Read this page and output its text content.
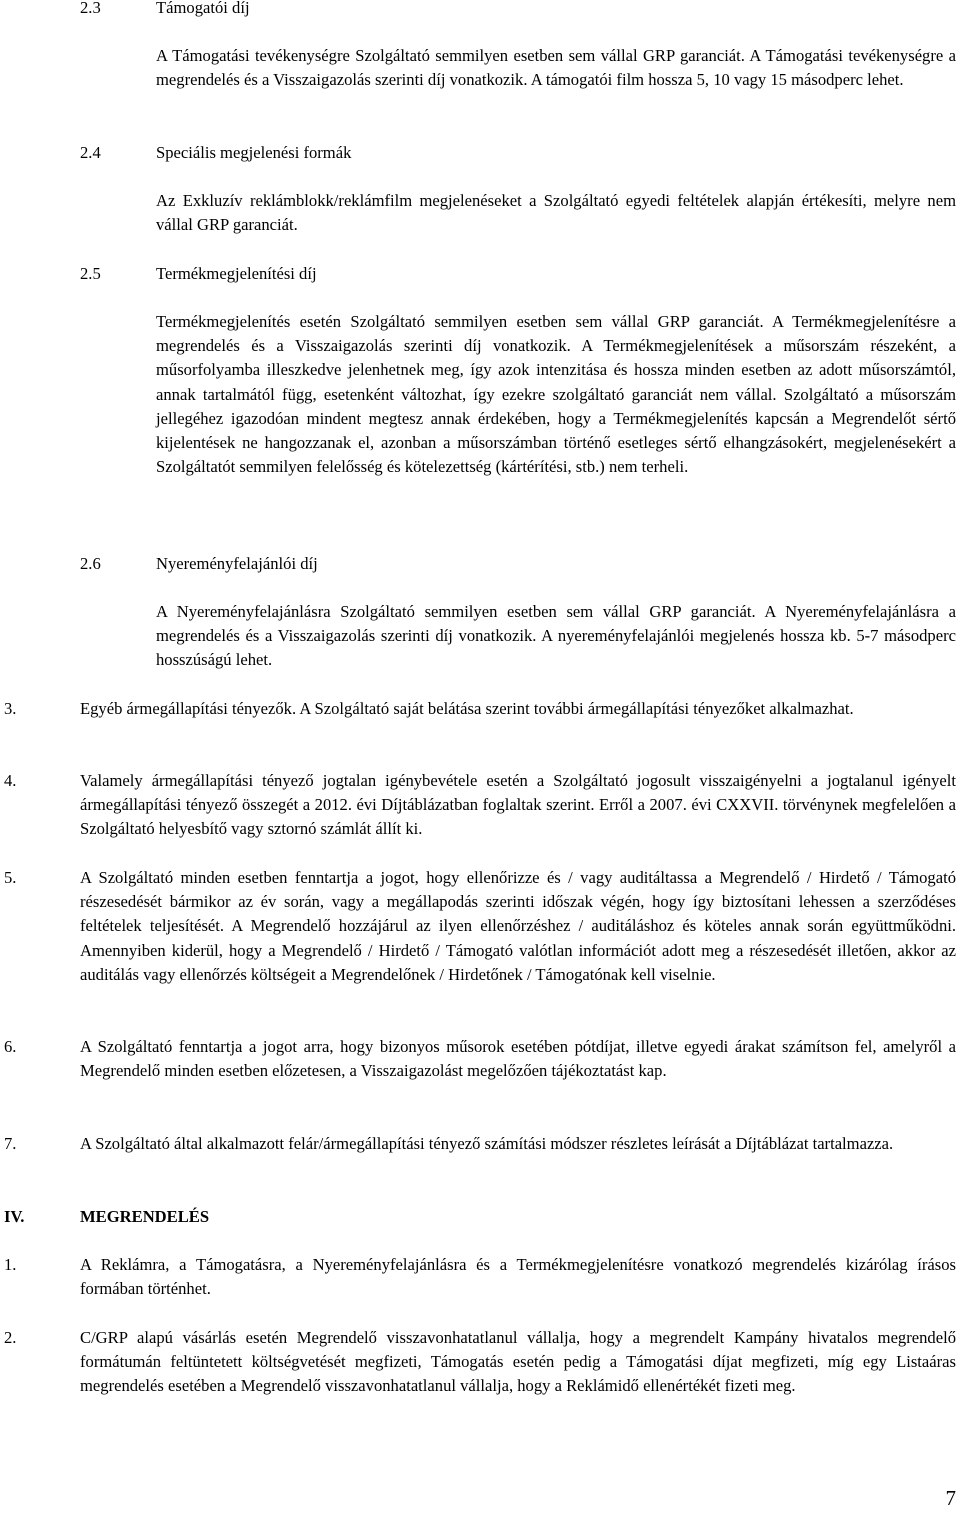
2.3	Támogatói díj

A Támogatási tevékenységre Szolgáltató semmilyen esetben sem vállal GRP garanciát. A Támogatási tevékenységre a megrendelés és a Visszaigazolás szerinti díj vonatkozik. A támogatói film hossza 5, 10 vagy 15 másodperc lehet.

2.4	Speciális megjelenési formák

Az Exkluzív reklámblokk/reklámfilm megjelenéseket a Szolgáltató egyedi feltételek alapján értékesíti, melyre nem vállal GRP garanciát.

2.5	Termékmegjelenítési díj

Termékmegjelenítés esetén Szolgáltató semmilyen esetben sem vállal GRP garanciát. A Termékmegjelenítésre a megrendelés és a Visszaigazolás szerinti díj vonatkozik. A Termékmegjelenítések a műsorszám részeként, a műsorfolyamba illeszkedve jelenhetnek meg, így azok intenzitása és hossza minden esetben az adott műsorszámtól, annak tartalmától függ, esetenként változhat, így ezekre szolgáltató garanciát nem vállal. Szolgáltató a műsorszám jellegéhez igazodóan mindent megtesz annak érdekében, hogy a Termékmegjelenítés kapcsán a Megrendelőt sértő kijelentések ne hangozzanak el, azonban a műsorszámban történő esetleges sértő elhangzásokért, megjelenésekért a Szolgáltatót semmilyen felelősség és kötelezettség (kártérítési, stb.) nem terheli.

2.6	Nyereményfelajánlói díj

A Nyereményfelajánlásra Szolgáltató semmilyen esetben sem vállal GRP garanciát. A Nyereményfelajánlásra a megrendelés és a Visszaigazolás szerinti díj vonatkozik. A nyereményfelajánlói megjelenés hossza kb. 5-7 másodperc hosszúságú lehet.

3.	Egyéb ármegállapítási tényezők. A Szolgáltató saját belátása szerint további ármegállapítási tényezőket alkalmazhat.

4.	Valamely ármegállapítási tényező jogtalan igénybevétele esetén a Szolgáltató jogosult visszaigényelni a jogtalanul igényelt ármegállapítási tényező összegét a 2012. évi Díjtáblázatban foglaltak szerint. Erről a 2007. évi CXXVII. törvénynek megfelelően a Szolgáltató helyesbítő vagy sztornó számlát állít ki.

5.	A Szolgáltató minden esetben fenntartja a jogot, hogy ellenőrizze és / vagy auditáltassa a Megrendelő / Hirdető / Támogató részesedését bármikor az év során, vagy a megállapodás szerinti időszak végén, hogy így biztosítani lehessen a szerződéses feltételek teljesítését. A Megrendelő hozzájárul az ilyen ellenőrzéshez / auditáláshoz és köteles annak során együttműködni. Amennyiben kiderül, hogy a Megrendelő / Hirdető / Támogató valótlan információt adott meg a részesedését illetően, akkor az auditálás vagy ellenőrzés költségeit a Megrendelőnek / Hirdetőnek / Támogatónak kell viselnie.

6.	A Szolgáltató fenntartja a jogot arra, hogy bizonyos műsorok esetében pótdíjat, illetve egyedi árakat számítson fel, amelyről a Megrendelő minden esetben előzetesen, a Visszaigazolást megelőzően tájékoztatást kap.

7.	A Szolgáltató által alkalmazott felár/ármegállapítási tényező számítási módszer részletes leírását a Díjtáblázat tartalmazza.

IV.	MEGRENDELÉS
1.	A Reklámra, a Támogatásra, a Nyereményfelajánlásra és a Termékmegjelenítésre vonatkozó megrendelés kizárólag írásos formában történhet.

2.	C/GRP alapú vásárlás esetén Megrendelő visszavonhatatlanul vállalja, hogy a megrendelt Kampány hivatalos megrendelő formátumán feltüntetett költségvetését megfizeti, Támogatás esetén pedig a Támogatási díjat megfizeti, míg egy Listaáras megrendelés esetében a Megrendelő visszavonhatatlanul vállalja, hogy a Reklámidő ellenértékét fizeti meg.

7
